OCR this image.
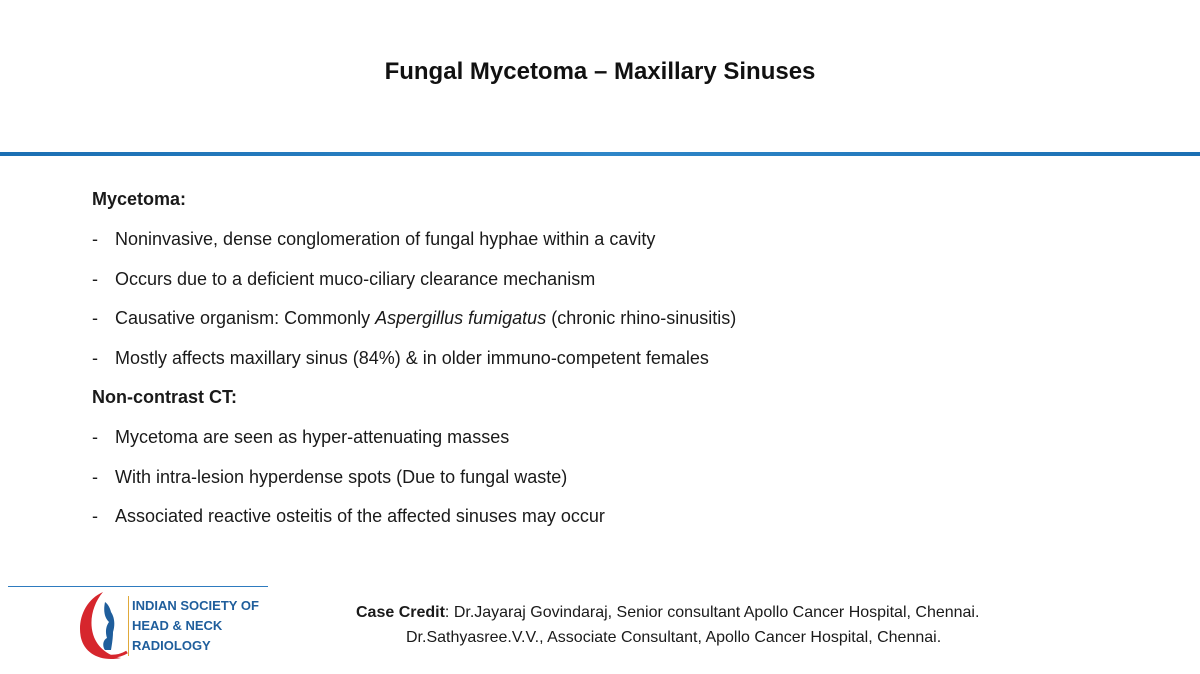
Fungal Mycetoma – Maxillary Sinuses
Mycetoma:
- Noninvasive, dense conglomeration of fungal hyphae within a cavity
- Occurs due to a deficient muco-ciliary clearance mechanism
- Causative organism: Commonly Aspergillus fumigatus (chronic rhino-sinusitis)
- Mostly affects maxillary sinus (84%) & in older immuno-competent females
Non-contrast CT:
- Mycetoma are seen as hyper-attenuating masses
- With intra-lesion hyperdense spots (Due to fungal waste)
- Associated reactive osteitis of the affected sinuses may occur
INDIAN SOCIETY OF
HEAD & NECK
RADIOLOGY
Case Credit: Dr.Jayaraj Govindaraj, Senior consultant Apollo Cancer Hospital, Chennai.
Dr.Sathyasree.V.V., Associate Consultant, Apollo Cancer Hospital, Chennai.
